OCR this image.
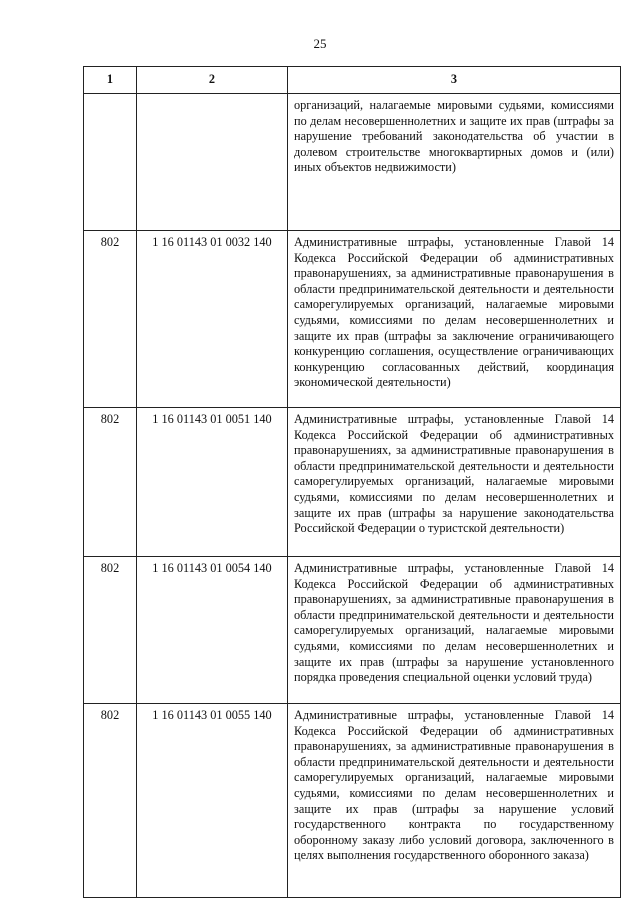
25
1	2	3
		организаций, налагаемые мировыми судьями, комиссиями по делам несовершеннолетних и защите их прав (штрафы за нарушение требований законодательства об участии в долевом строительстве многоквартирных домов и (или) иных объектов недвижимости)
802	1 16 01143 01 0032 140	Административные штрафы, установленные Главой 14 Кодекса Российской Федерации об административных правонарушениях, за административные правонарушения в области предпринимательской деятельности и деятельности саморегулируемых организаций, налагаемые мировыми судьями, комиссиями по делам несовершеннолетних и защите их прав (штрафы за заключение ограничивающего конкуренцию соглашения, осуществление ограничивающих конкуренцию согласованных действий, координация экономической деятельности)
802	1 16 01143 01 0051 140	Административные штрафы, установленные Главой 14 Кодекса Российской Федерации об административных правонарушениях, за административные правонарушения в области предпринимательской деятельности и деятельности саморегулируемых организаций, налагаемые мировыми судьями, комиссиями по делам несовершеннолетних и защите их прав (штрафы за нарушение законодательства Российской Федерации о туристской деятельности)
802	1 16 01143 01 0054 140	Административные штрафы, установленные Главой 14 Кодекса Российской Федерации об административных правонарушениях, за административные правонарушения в области предпринимательской деятельности и деятельности саморегулируемых организаций, налагаемые мировыми судьями, комиссиями по делам несовершеннолетних и защите их прав (штрафы за нарушение установленного порядка проведения специальной оценки условий труда)
802	1 16 01143 01 0055 140	Административные штрафы, установленные Главой 14 Кодекса Российской Федерации об административных правонарушениях, за административные правонарушения в области предпринимательской деятельности и деятельности саморегулируемых организаций, налагаемые мировыми судьями, комиссиями по делам несовершеннолетних и защите их прав (штрафы за нарушение условий государственного контракта по государственному оборонному заказу либо условий договора, заключенного в целях выполнения государственного оборонного заказа)
